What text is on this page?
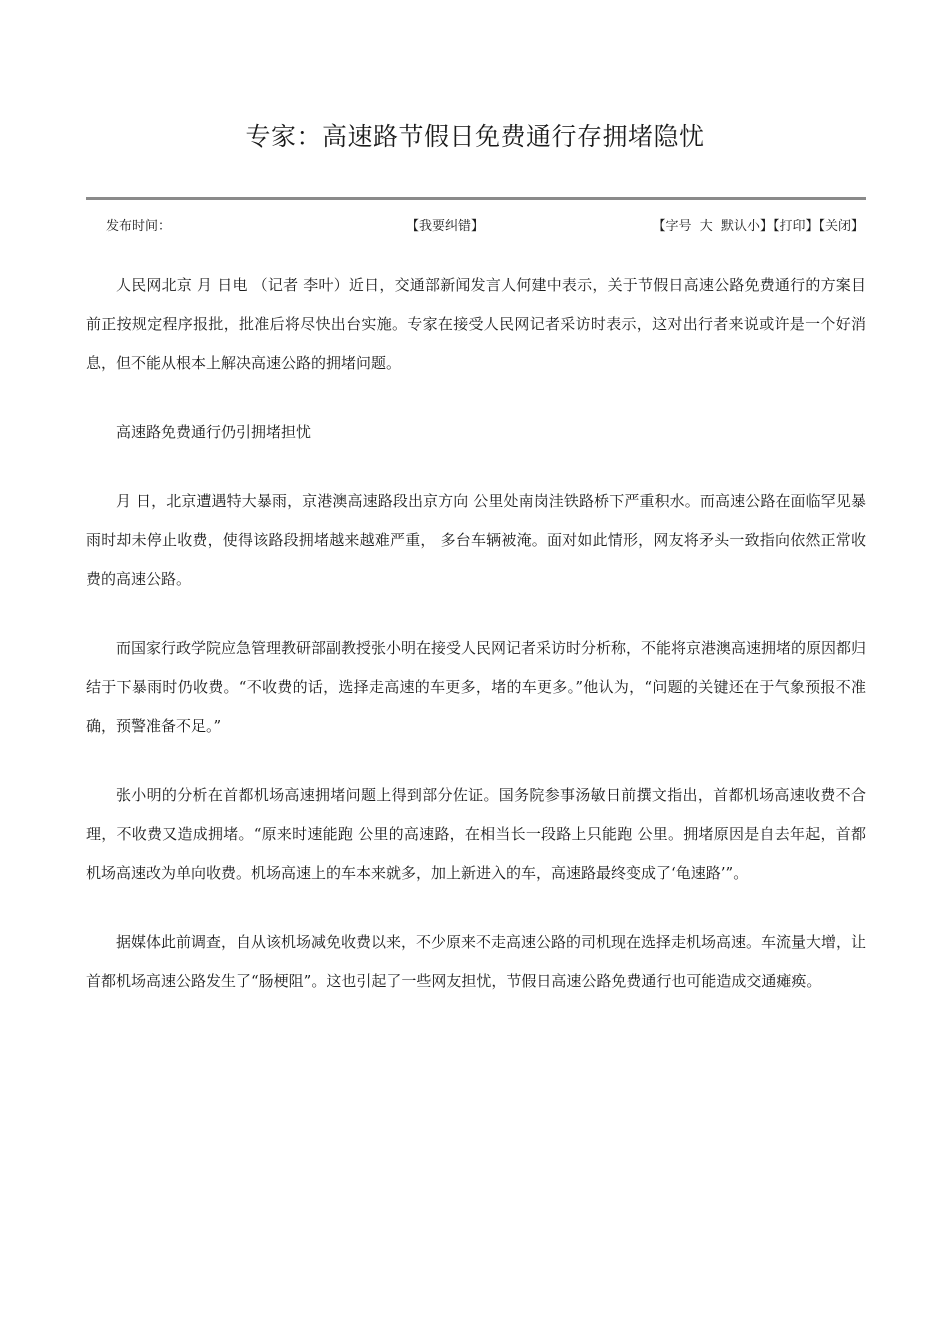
专家：高速路节假日免费通行存拥堵隐忧
发布时间：	【我要纠错】	【字号  大  默认小】【打印】【关闭】

人民网北京 月 日电 （记者 李叶）近日，交通部新闻发言人何建中表示，关于节假日高速公路免费通行的方案目前正按规定程序报批，批准后将尽快出台实施。专家在接受人民网记者采访时表示，这对出行者来说或许是一个好消息，但不能从根本上解决高速公路的拥堵问题。

高速路免费通行仍引拥堵担忧

月 日，北京遭遇特大暴雨，京港澳高速路段出京方向 公里处南岗洼铁路桥下严重积水。而高速公路在面临罕见暴雨时却未停止收费，使得该路段拥堵越来越难严重， 多台车辆被淹。面对如此情形，网友将矛头一致指向依然正常收费的高速公路。

而国家行政学院应急管理教研部副教授张小明在接受人民网记者采访时分析称，不能将京港澳高速拥堵的原因都归结于下暴雨时仍收费。“不收费的话，选择走高速的车更多，堵的车更多。”他认为，“问题的关键还在于气象预报不准确，预警准备不足。”

张小明的分析在首都机场高速拥堵问题上得到部分佐证。国务院参事汤敏日前撰文指出，首都机场高速收费不合理，不收费又造成拥堵。“原来时速能跑 公里的高速路，在相当长一段路上只能跑 公里。拥堵原因是自去年起，首都机场高速改为单向收费。机场高速上的车本来就多，加上新进入的车，高速路最终变成了‘龟速路’”。

据媒体此前调查，自从该机场减免收费以来，不少原来不走高速公路的司机现在选择走机场高速。车流量大增，让首都机场高速公路发生了“肠梗阻”。这也引起了一些网友担忧，节假日高速公路免费通行也可能造成交通瘫痪。
